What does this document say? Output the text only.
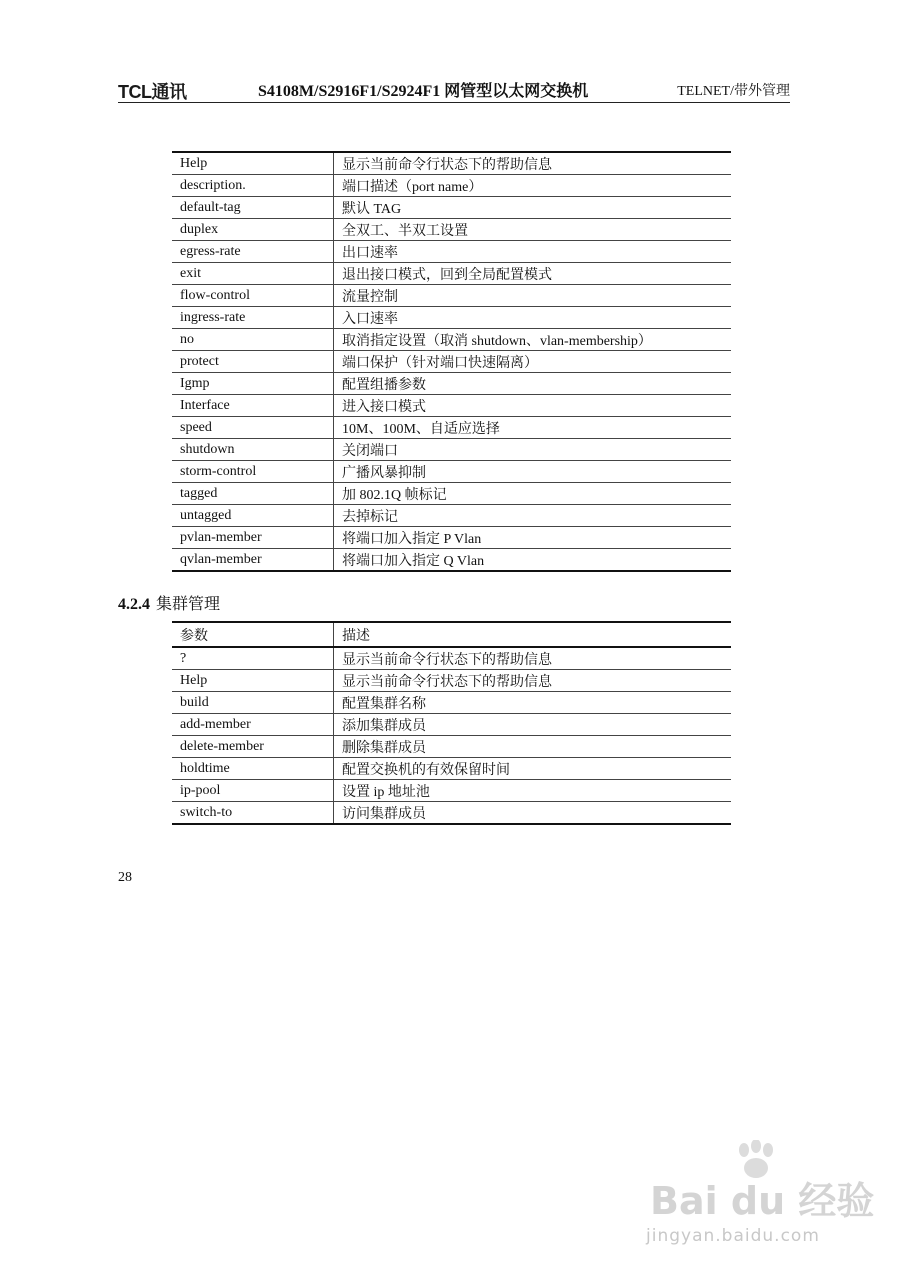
TCL通讯	S4108M/S2916F1/S2924F1 网管型以太网交换机	TELNET/带外管理
Help	显示当前命令行状态下的帮助信息
description.	端口描述（port name）
default-tag	默认 TAG
duplex	全双工、半双工设置
egress-rate	出口速率
exit	退出接口模式，回到全局配置模式
flow-control	流量控制
ingress-rate	入口速率
no	取消指定设置（取消 shutdown、vlan-membership）
protect	端口保护（针对端口快速隔离）
Igmp	配置组播参数
Interface	进入接口模式
speed	10M、100M、自适应选择
shutdown	关闭端口
storm-control	广播风暴抑制
tagged	加 802.1Q 帧标记
untagged	去掉标记
pvlan-member	将端口加入指定 P Vlan
qvlan-member	将端口加入指定 Q Vlan
4.2.4 集群管理
参数	描述
?	显示当前命令行状态下的帮助信息
Help	显示当前命令行状态下的帮助信息
build	配置集群名称
add-member	添加集群成员
delete-member	删除集群成员
holdtime	配置交换机的有效保留时间
ip-pool	设置 ip 地址池
switch-to	访问集群成员
28
Bai du 经验
jingyan.baidu.com
